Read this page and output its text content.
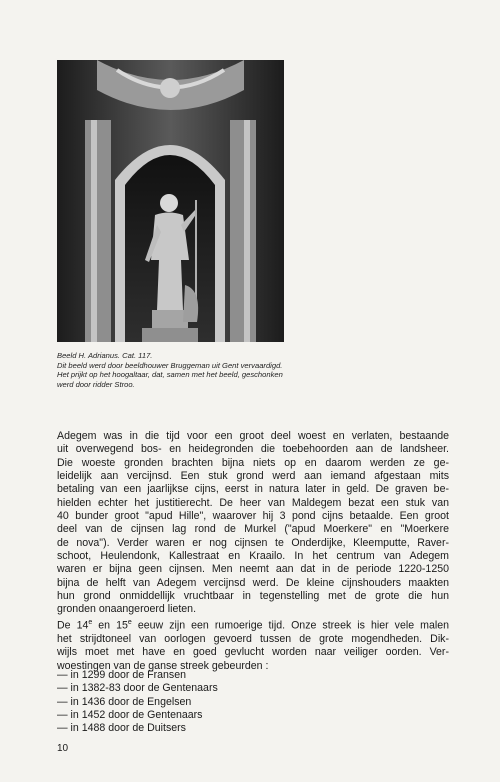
Beeld H. Adrianus. Cat. 117.
Dit beeld werd door beeldhouwer Bruggeman uit Gent vervaardigd.
Het prijkt op het hoogaltaar, dat, samen met het beeld, geschonken
werd door ridder Stroo.
Adegem was in die tijd voor een groot deel woest en verlaten, bestaande
uit overwegend bos- en heidegronden die toebehoorden aan de landsheer.
Die woeste gronden brachten bijna niets op en daarom werden ze ge-
leidelijk aan vercijnsd. Een stuk grond werd aan iemand afgestaan mits
betaling van een jaarlijkse cijns, eerst in natura later in geld. De graven be-
hielden echter het justitierecht. De heer van Maldegem bezat een stuk van
40 bunder groot "apud Hille", waarover hij 3 pond cijns betaalde. Een groot
deel van de cijnsen lag rond de Murkel ("apud Moerkere" en "Moerkere
de nova"). Verder waren er nog cijnsen te Onderdijke, Kleemputte, Raver-
schoot, Heulendonk, Kallestraat en Kraailo. In het centrum van Adegem
waren er bijna geen cijnsen. Men neemt aan dat in de periode 1220-1250
bijna de helft van Adegem vercijnsd werd. De kleine cijnshouders maakten
hun grond onmiddellijk vruchtbaar in tegenstelling met de grote die hun
gronden onaangeroerd lieten.
De 14e en 15e eeuw zijn een rumoerige tijd. Onze streek is hier vele malen
het strijdtoneel van oorlogen gevoerd tussen de grote mogendheden. Dik-
wijls moet met have en goed gevlucht worden naar veiliger oorden. Ver-
woestingen van de ganse streek gebeurden :
— in 1299 door de Fransen
— in 1382-83 door de Gentenaars
— in 1436 door de Engelsen
— in 1452 door de Gentenaars
— in 1488 door de Duitsers
10
